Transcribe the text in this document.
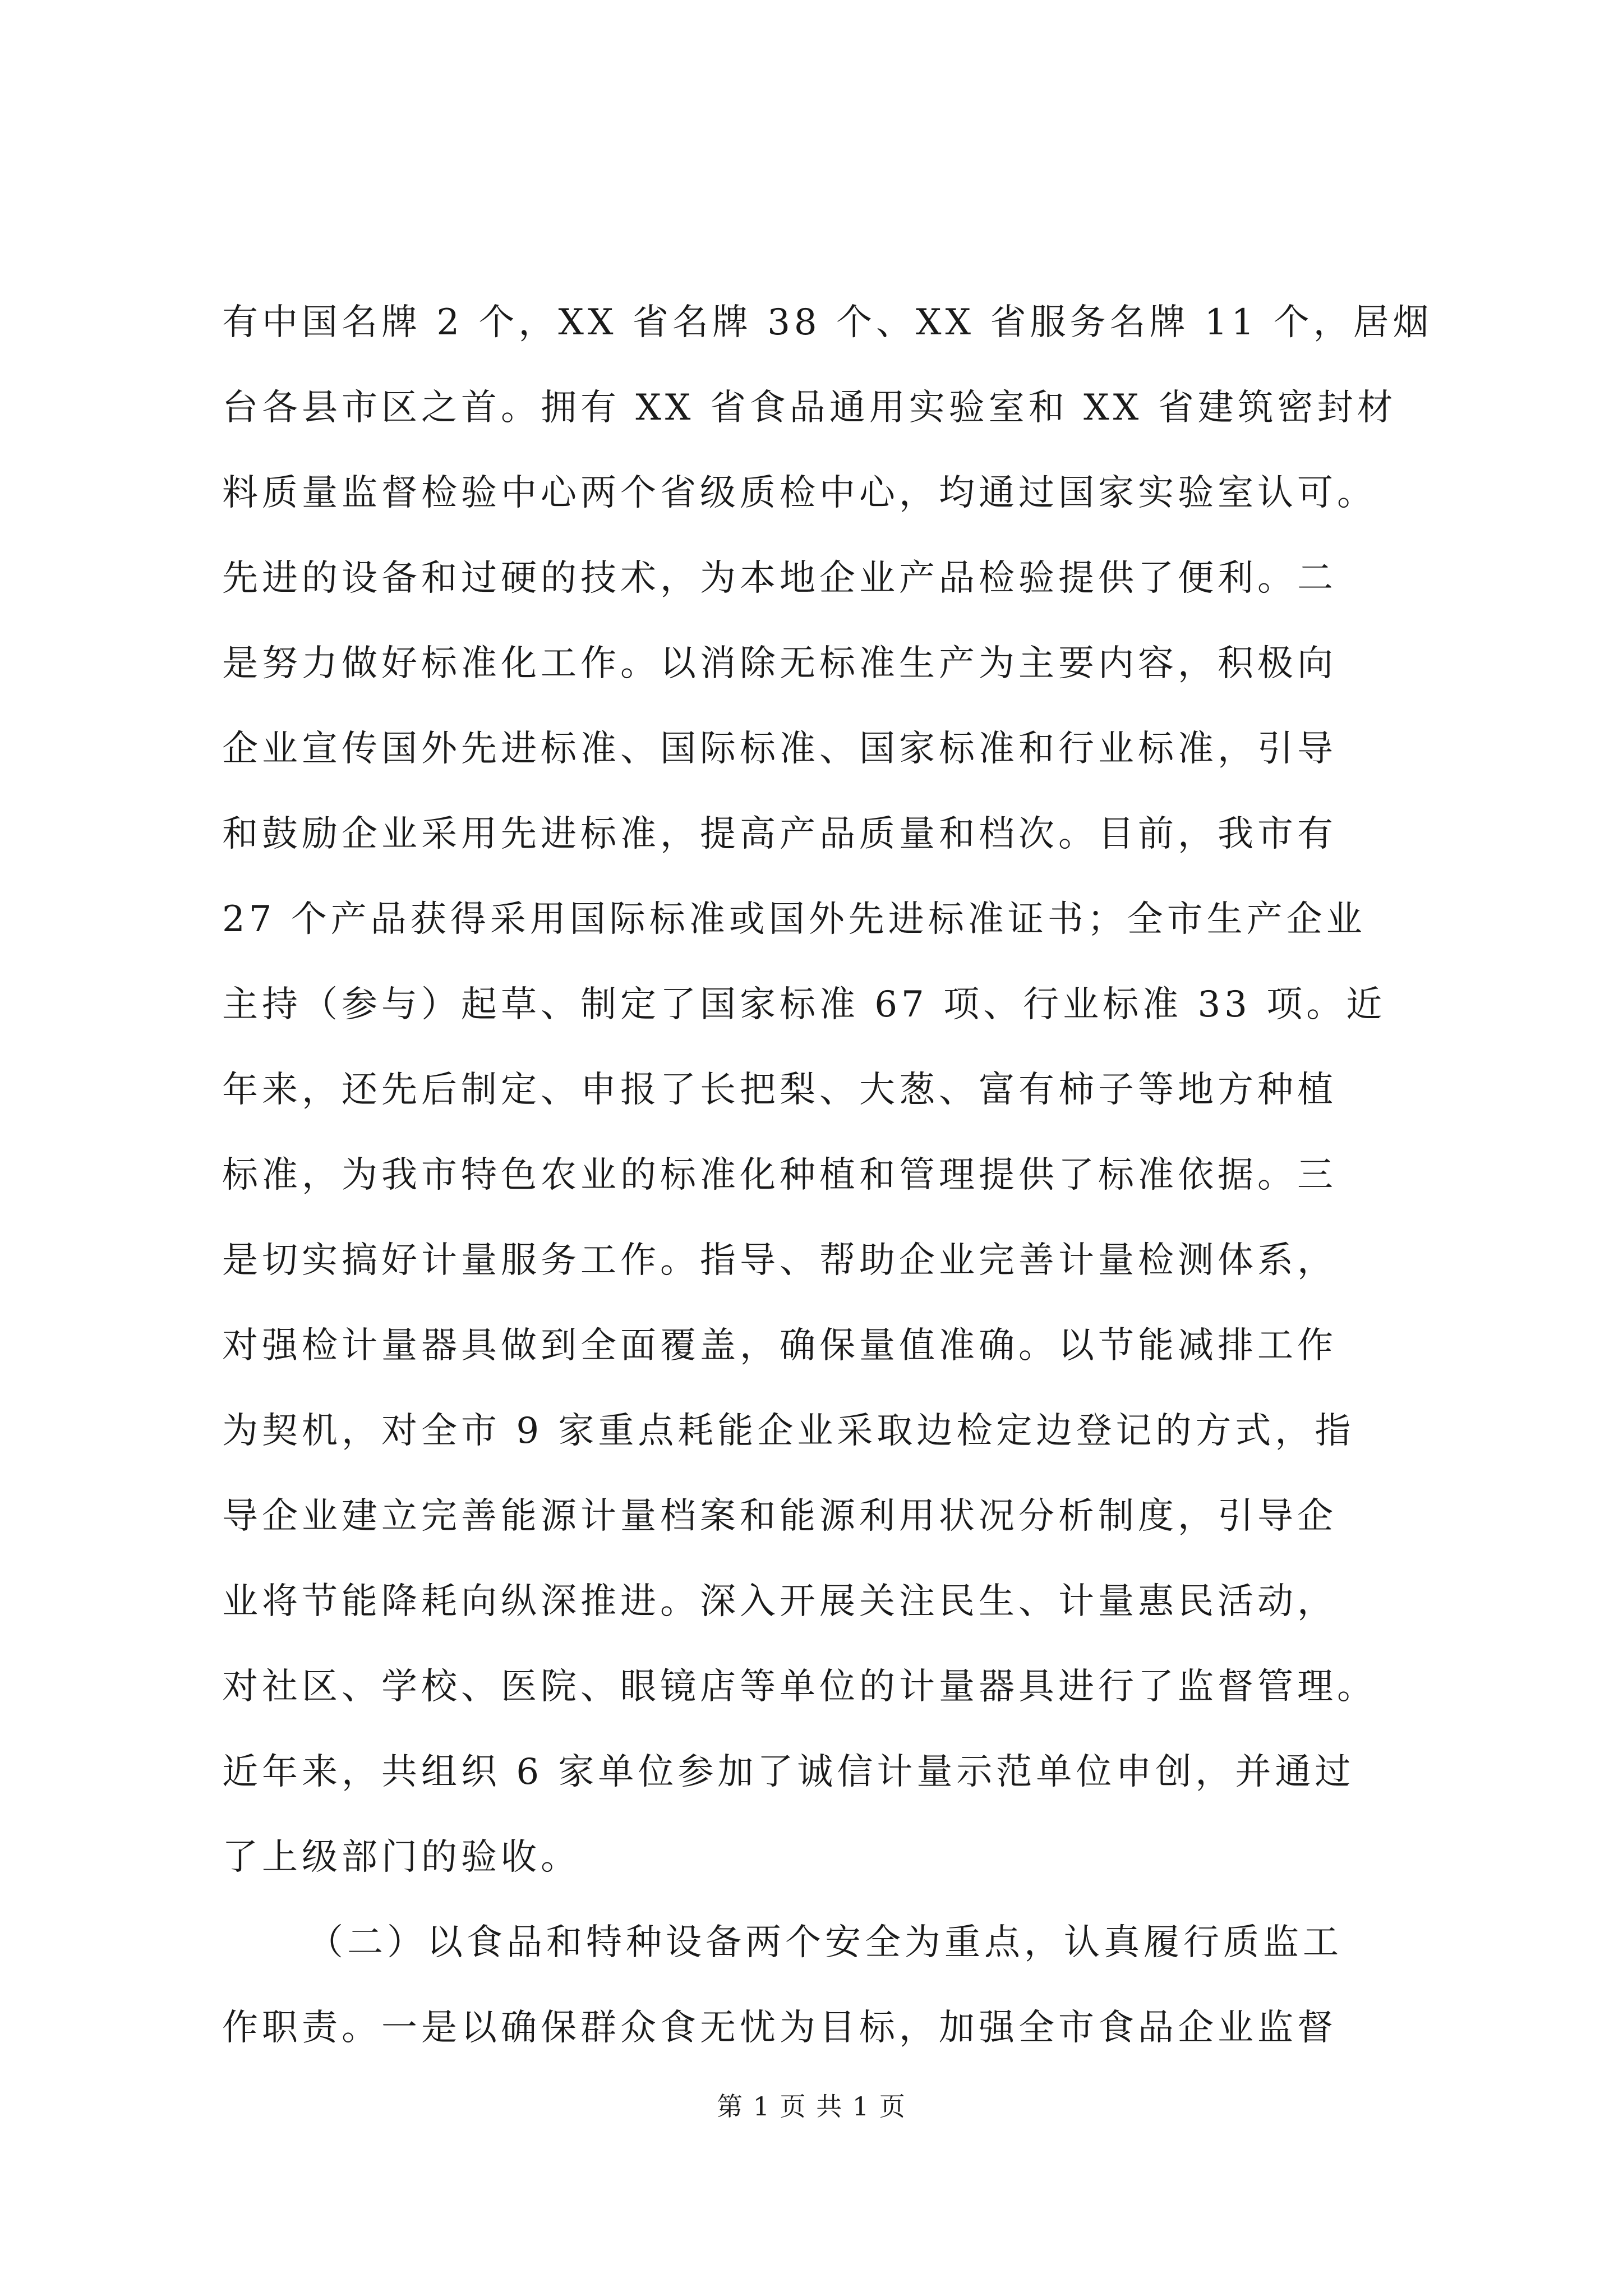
有中国名牌 2 个，XX 省名牌 38 个、XX 省服务名牌 11 个，居烟
台各县市区之首。拥有 XX 省食品通用实验室和 XX 省建筑密封材
料质量监督检验中心两个省级质检中心，均通过国家实验室认可。
先进的设备和过硬的技术，为本地企业产品检验提供了便利。二
是努力做好标准化工作。以消除无标准生产为主要内容，积极向
企业宣传国外先进标准、国际标准、国家标准和行业标准，引导
和鼓励企业采用先进标准，提高产品质量和档次。目前，我市有
27 个产品获得采用国际标准或国外先进标准证书；全市生产企业
主持（参与）起草、制定了国家标准 67 项、行业标准 33 项。近
年来，还先后制定、申报了长把梨、大葱、富有柿子等地方种植
标准，为我市特色农业的标准化种植和管理提供了标准依据。三
是切实搞好计量服务工作。指导、帮助企业完善计量检测体系，
对强检计量器具做到全面覆盖，确保量值准确。以节能减排工作
为契机，对全市 9 家重点耗能企业采取边检定边登记的方式，指
导企业建立完善能源计量档案和能源利用状况分析制度，引导企
业将节能降耗向纵深推进。深入开展关注民生、计量惠民活动，
对社区、学校、医院、眼镜店等单位的计量器具进行了监督管理。
近年来，共组织 6 家单位参加了诚信计量示范单位申创，并通过
了上级部门的验收。
（二）以食品和特种设备两个安全为重点，认真履行质监工
作职责。一是以确保群众食无忧为目标，加强全市食品企业监督
第 1 页 共 1 页
